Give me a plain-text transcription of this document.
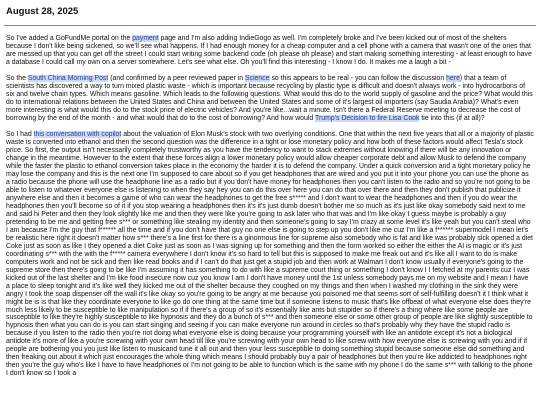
August 28, 2025

So I've added a GoFundMe portal on the payment page and I'm also adding IndieGogo as well. I'm completely broke and I've been kicked out of most of the shelters because I don't like being sickened, so we'll see what happens. If I had enough money for a cheap computer and a cell phone with a camera that wasn't one of the ones that are messed up that you can get off the street I could start writing some backend code (oh please oh please) and start making something interesting - at least enough to have a database I could call my own on a server somewhere. Let's see what else. Oh you'll find this interesting - I know I do. It makes me a laugh a bit -

So the South China Morning Post (and confirmed by a peer reviewed paper in Science so this appears to be real - you can follow the discussion here) that a team of scientists has discovered a way to turn mixed plastic waste - which is important because recycling by plastic type is difficult and doesn't always work - into hydrocarbons of six and twelve chain types. Which means gasoline. Which leads to the following questions. What would this do to the world supply of gasoline and the price? What would this do to international relations between the United States and China and between the United States and some of it's largest oil importers (say Saudia Arabia)? What's even more interesting is what would this do to the stock price of electric vehicles? And you're like...wait a minute. Isn't there a Federal Reserve meeting to decrease the cost of borrowing by the end of the month - and what would that do to the cost of borrowing? And how would Trump's Decision to fire Lisa Cook tie into this (if at all)?

So I had this conversation with copilot about the valuation of Elon Musk's stock with two overlying conditions. One that within the next five years that all or a majority of plastic waste is converted into ethanol and then the second question was the difference in a tight or lose monetary policy and how both of these factors would affect Tesla's stock price. So first, the output isn't necessarily completely trustworthy as you have the tendency to want to stack extremes without knowing if there will be any innovation or change in the meantime. However to the extent that these forces align a lower monetary policy would allow cheaper corporate debt and allow Musk to defend the company while the faster the plastic to ethanol conversion takes place in the economy the harder it is to defend the company. Under a quick conversion and a tight monetary policy he may lose the company and this is the next one I'm supposed to care about so if you get headphones that are wired and you put it into your phone you can use the phone as a radio because the phone will use the headphone line as a radio but if you don't have money for headphones then you can't listen to the radio and so you're not going to be able to listen to whatever everyone else is listening to when they say hey you can do this over here you can do that over there and then they don't publish that publicize it anywhere else and then it becomes a game of who can wear the headphones to get the free s***** and I don't want to wear the headphones and then if you do wear the headphones then you'll become so of it if you stop wearing a headphones then it's it's just dumb doesn't bother me so much as it's just like okay somebody said next to me and said hi Peter and then they look slightly like me and then they were like you're going to ask later who that was and I'm like okay I guess maybe is probably a guy pretending to be me and getting free s*** or something like stealing my identity and then someone's going to say I'm crazy at some level it's like yeah but you can't steal who I am because I'm the guy that f****** all the time and if you don't have that guy no one else is going to step up you don't like me cuz I'm like a f****** supermodel I mean let's be realistic here right it doesn't matter how s*** there's a line first for there is a ginormous line for supreme also somebody who is fat and like was probably sick opened a diet Coke just as soon as like I they opened a diet Coke just as soon as I was signing up for something and then the form worked so either the either the AI is magic or it's just coordinating s*** with the with the f***** camera everywhere I don't know it's so hard to tell but this is supposed to make me freak out and it's like all I want to do is make computers work and not be sick and then like read books and if I can't do that just get a stupid job and then work at Walmart I don't know usually if everyone's going to the supreme store then there's going to be like I'm assuming it has something to do with like a supreme court thing or something I don't know I I fetched at my parents cuz I was kicked out of the last shelter and I'm like food insecure now cuz you know I am I don't have money until the 1st unless somebody pays me on my website and I mean I have a place to sleep tonight and it's like well they kicked me out of the shelter because they coughed on my things and then when I washed my clothing in the sink they were angry I took the soap dispenser off the wall it's like okay so you're going to be angry at me because you poisoned me that seems sort of self-fulfilling doesn't it I think what it might be is is that like they coordinate everyone to like go do one thing at the same time but if someone listens to music that's like offbeat of what everyone else does they're much less likely to be susceptible to like manipulation so if if there's a group of so it's essentially like ants but stupider so if there's a thing where like some people are susceptible to like they're highly susceptible to like hypnosis and they do a bunch of s*** and then someone else or some other group of people are like slightly susceptible to hypnosis then what you can do is you can start singing and seeing if you can make everyone run around in circles so that's probably why they have the stupid radio is because if you listen to the radio then you're not doing what everyone else is doing because your programming yourself with like an antidote except it's not a biological antidote it's more of like a you're screwing with your own head till like you're screwing with your own head to like screw with how everyone else is screwing with you and if if people are bothering you you just like listen to musicand tune it all out and then your less susceptible to doing something stupid because someone else did something and then freaking out about it which just encourages the whole thing which means I should probably buy a pair of headphones but then you're like addicted to headphones right then you're the guy who's like I have to have headphones or I'm not going to be able to function which is the same with my phone I do the same s*** with talking to the phone I don't know so I took a
